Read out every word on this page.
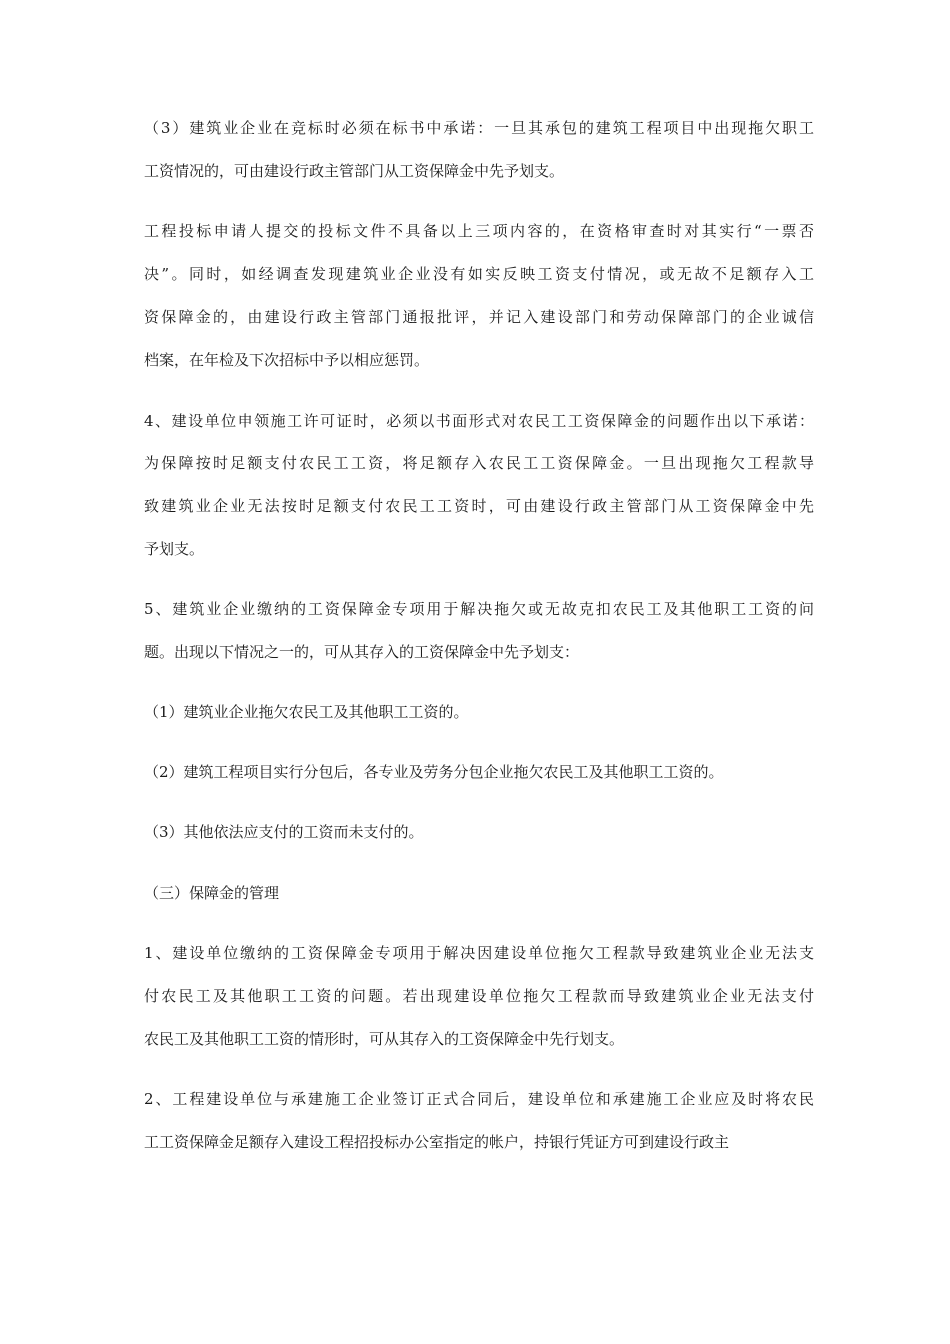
（3）建筑业企业在竞标时必须在标书中承诺：一旦其承包的建筑工程项目中出现拖欠职工
工资情况的，可由建设行政主管部门从工资保障金中先予划支。
工程投标申请人提交的投标文件不具备以上三项内容的，在资格审查时对其实行“一票否
决”。同时，如经调查发现建筑业企业没有如实反映工资支付情况，或无故不足额存入工
资保障金的，由建设行政主管部门通报批评，并记入建设部门和劳动保障部门的企业诚信
档案，在年检及下次招标中予以相应惩罚。
4、建设单位申领施工许可证时，必须以书面形式对农民工工资保障金的问题作出以下承诺：
为保障按时足额支付农民工工资，将足额存入农民工工资保障金。一旦出现拖欠工程款导
致建筑业企业无法按时足额支付农民工工资时，可由建设行政主管部门从工资保障金中先
予划支。
5、建筑业企业缴纳的工资保障金专项用于解决拖欠或无故克扣农民工及其他职工工资的问
题。出现以下情况之一的，可从其存入的工资保障金中先予划支：
（1）建筑业企业拖欠农民工及其他职工工资的。
（2）建筑工程项目实行分包后，各专业及劳务分包企业拖欠农民工及其他职工工资的。
（3）其他依法应支付的工资而未支付的。
（三）保障金的管理
1、建设单位缴纳的工资保障金专项用于解决因建设单位拖欠工程款导致建筑业企业无法支
付农民工及其他职工工资的问题。若出现建设单位拖欠工程款而导致建筑业企业无法支付
农民工及其他职工工资的情形时，可从其存入的工资保障金中先行划支。
2、工程建设单位与承建施工企业签订正式合同后，建设单位和承建施工企业应及时将农民
工工资保障金足额存入建设工程招投标办公室指定的帐户，持银行凭证方可到建设行政主
